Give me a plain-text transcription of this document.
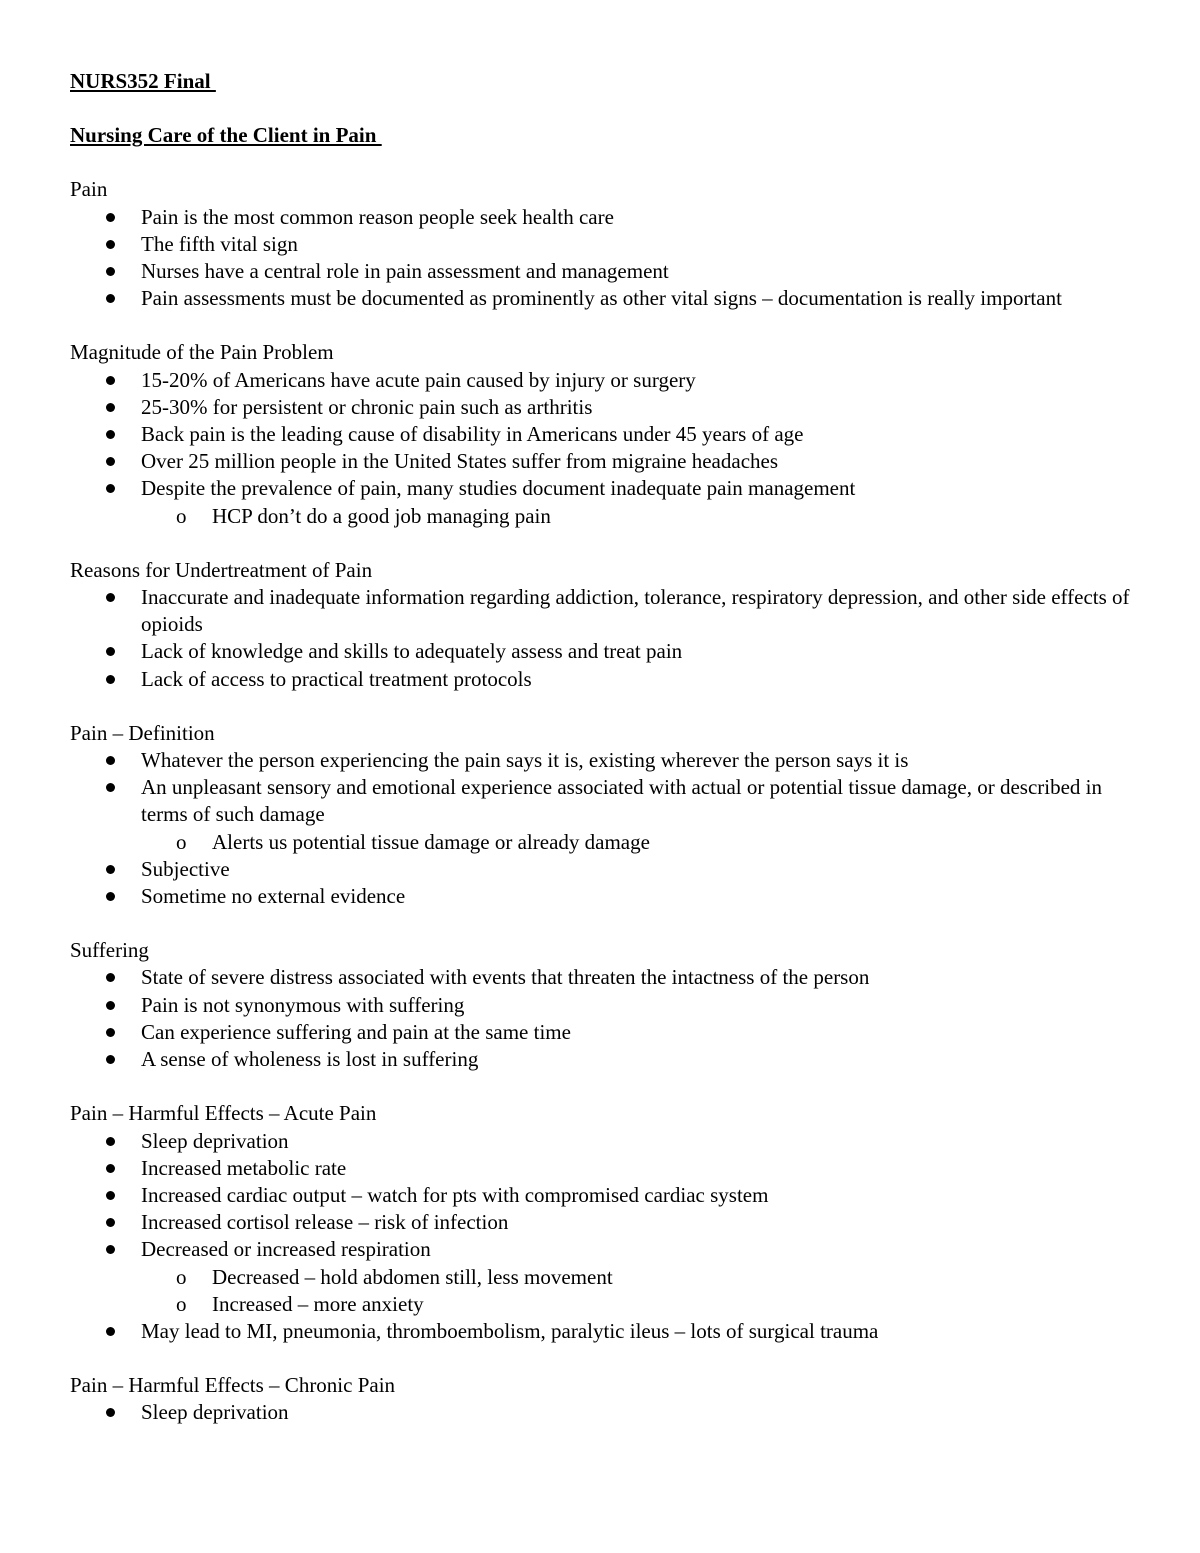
NURS352 Final
Nursing Care of the Client in Pain
Pain
Pain is the most common reason people seek health care
The fifth vital sign
Nurses have a central role in pain assessment and management
Pain assessments must be documented as prominently as other vital signs – documentation is really important
Magnitude of the Pain Problem
15-20% of Americans have acute pain caused by injury or surgery
25-30% for persistent or chronic pain such as arthritis
Back pain is the leading cause of disability in Americans under 45 years of age
Over 25 million people in the United States suffer from migraine headaches
Despite the prevalence of pain, many studies document inadequate pain management
o HCP don’t do a good job managing pain
Reasons for Undertreatment of Pain
Inaccurate and inadequate information regarding addiction, tolerance, respiratory depression, and other side effects of opioids
Lack of knowledge and skills to adequately assess and treat pain
Lack of access to practical treatment protocols
Pain – Definition
Whatever the person experiencing the pain says it is, existing wherever the person says it is
An unpleasant sensory and emotional experience associated with actual or potential tissue damage, or described in terms of such damage
o Alerts us potential tissue damage or already damage
Subjective
Sometime no external evidence
Suffering
State of severe distress associated with events that threaten the intactness of the person
Pain is not synonymous with suffering
Can experience suffering and pain at the same time
A sense of wholeness is lost in suffering
Pain – Harmful Effects – Acute Pain
Sleep deprivation
Increased metabolic rate
Increased cardiac output – watch for pts with compromised cardiac system
Increased cortisol release – risk of infection
Decreased or increased respiration
o Decreased – hold abdomen still, less movement
o Increased – more anxiety
May lead to MI, pneumonia, thromboembolism, paralytic ileus – lots of surgical trauma
Pain – Harmful Effects – Chronic Pain
Sleep deprivation
